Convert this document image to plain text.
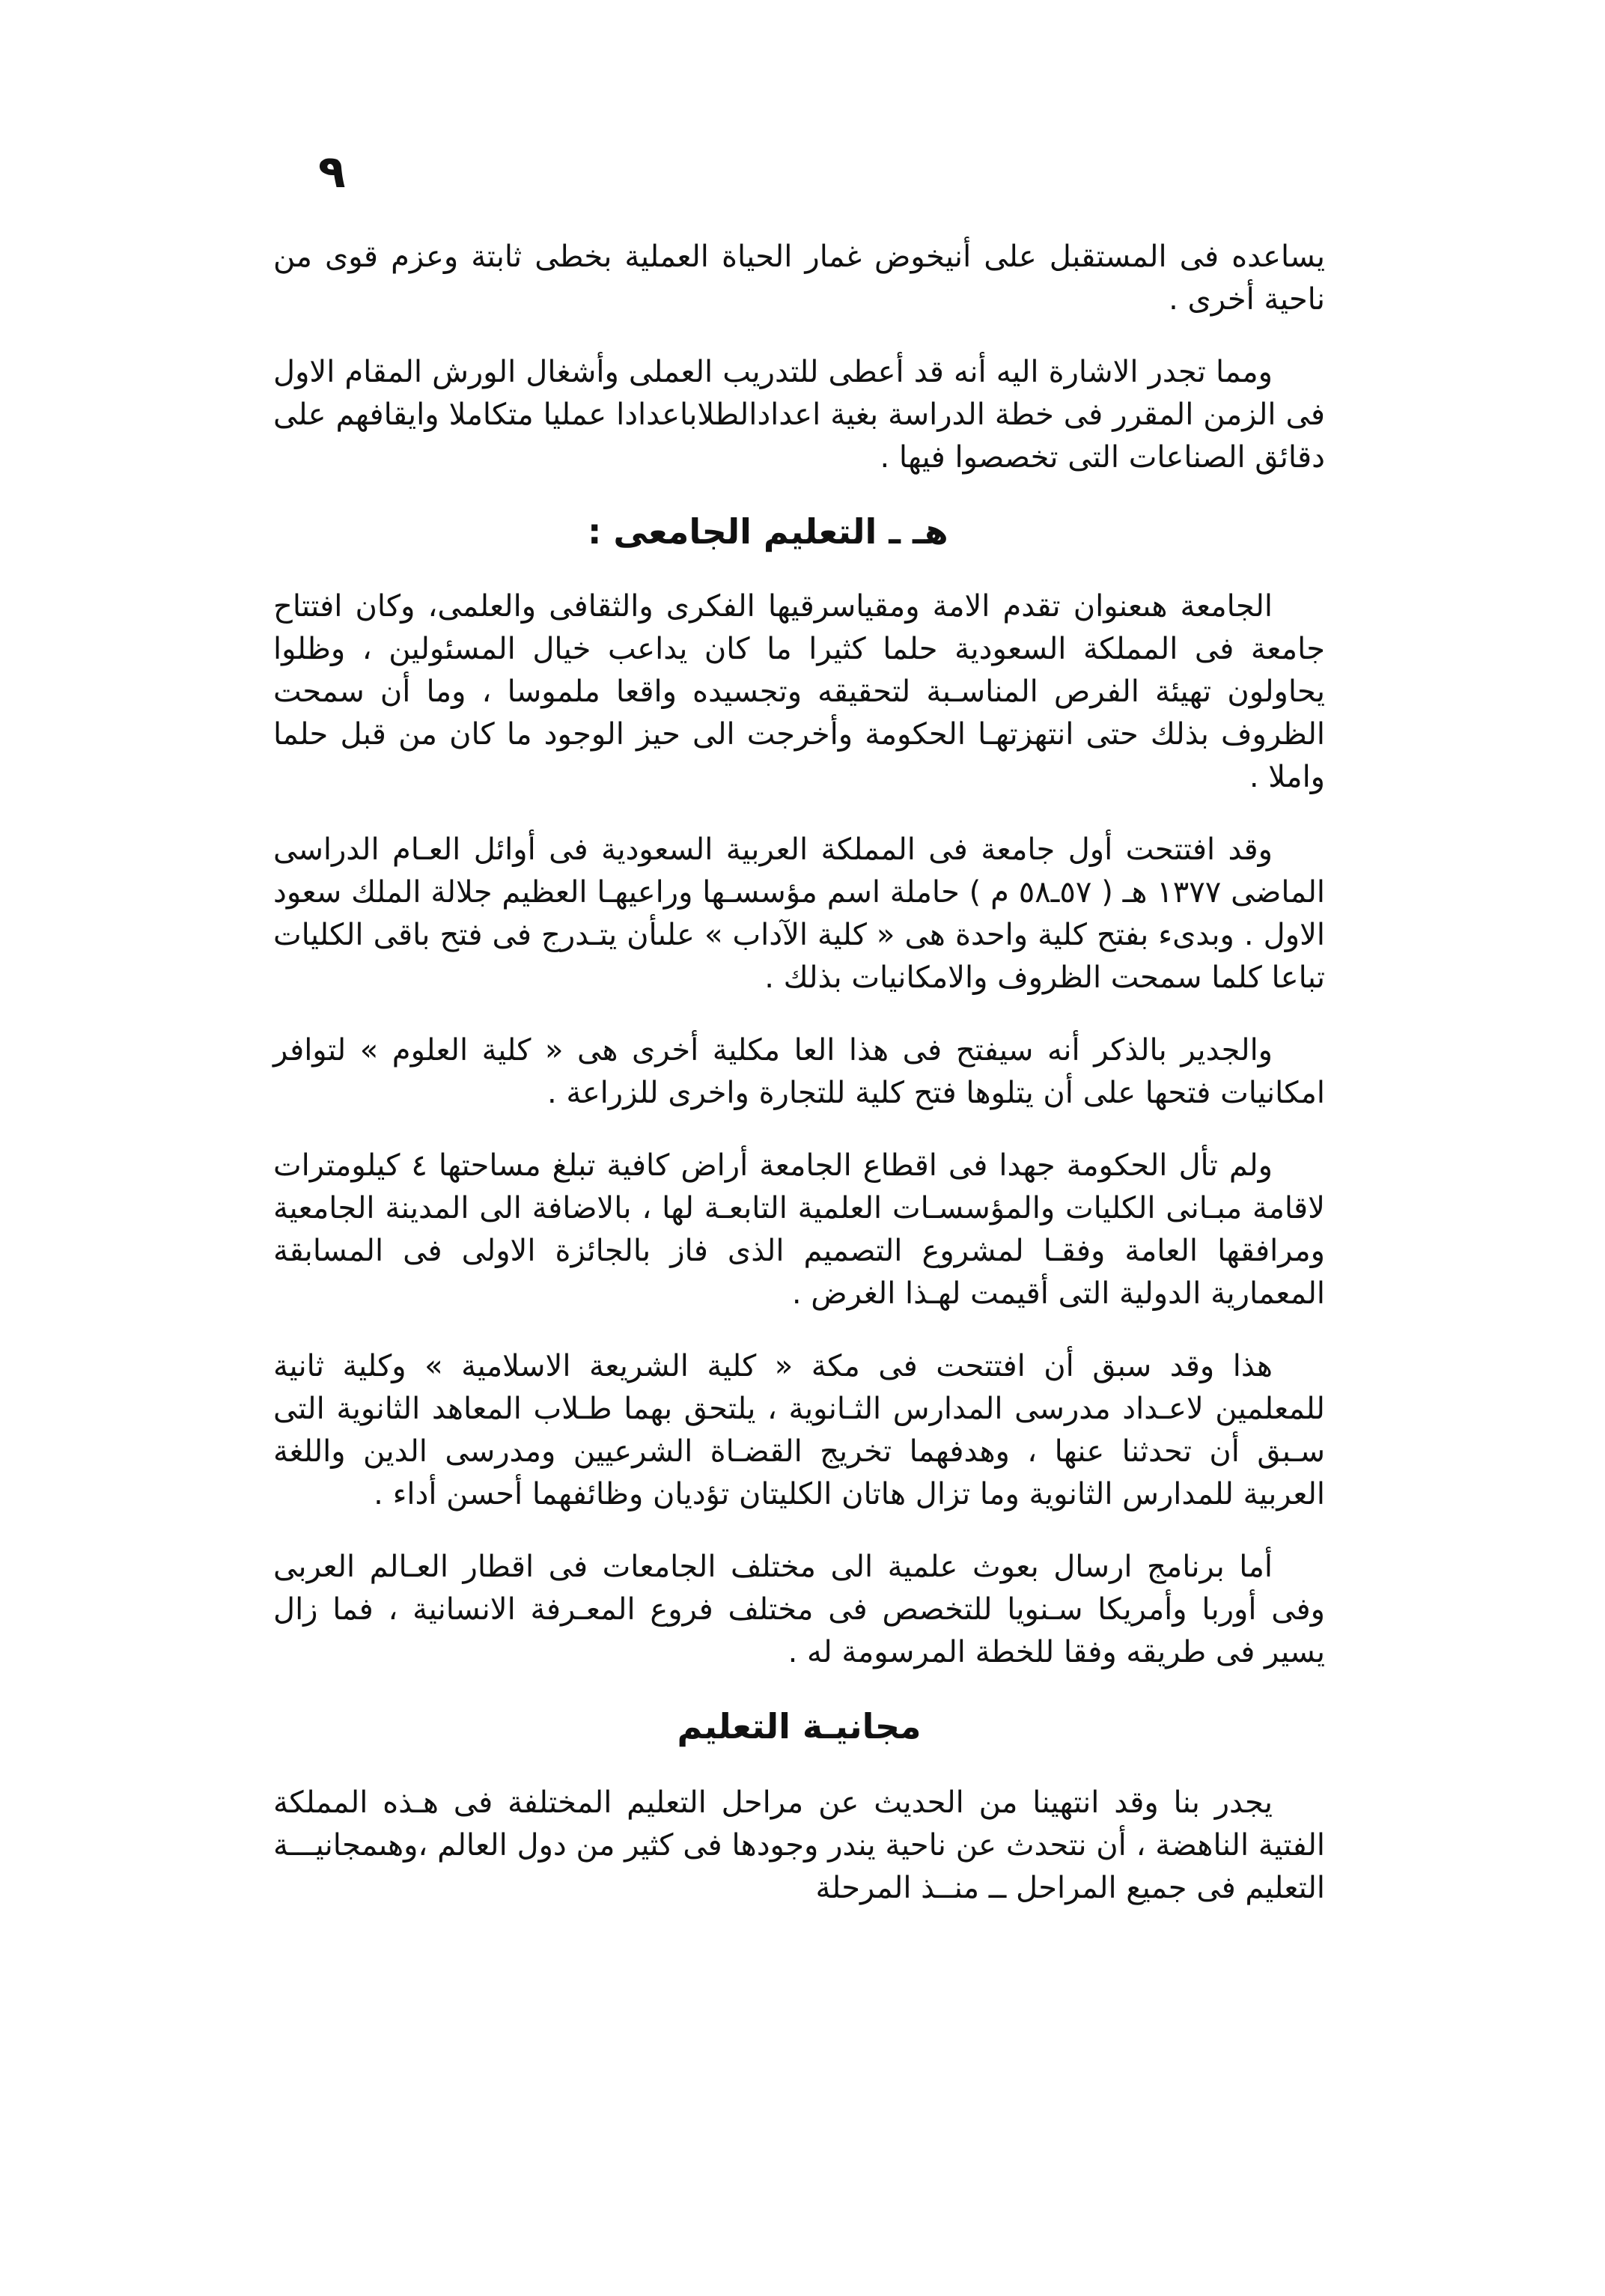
٩

يساعده فى المستقبل على أنيخوض غمار الحياة العملية بخطى ثابتة وعزم قوى من ناحية أخرى .

ومما تجدر الاشارة اليه أنه قد أعطى للتدريب العملى وأشغال الورش المقام الاول فى الزمن المقرر فى خطة الدراسة بغية اعدادالطلاباعدادا عمليا متكاملا وايقافهم على دقائق الصناعات التى تخصصوا فيها .

هـ ـ التعليم الجامعى :

الجامعة هىعنوان تقدم الامة ومقياسرقيها الفكرى والثقافى والعلمى، وكان افتتاح جامعة فى المملكة السعودية حلما كثيرا ما كان يداعب خيال المسئولين ، وظلوا يحاولون تهيئة الفرص المناسـبة لتحقيقه وتجسيده واقعا ملموسا ، وما أن سمحت الظروف بذلك حتى انتهزتهـا الحكومة وأخرجت الى حيز الوجود ما كان من قبل حلما واملا .

وقد افتتحت أول جامعة فى المملكة العربية السعودية فى أوائل العـام الدراسى الماضى ١٣٧٧ هـ ( ٥٧ـ٥٨ م ) حاملة اسم مؤسسـها وراعيهـا العظيم جلالة الملك سعود الاول . وبدىء بفتح كلية واحدة هى « كلية الآداب » علىأن يتـدرج فى فتح باقى الكليات تباعا كلما سمحت الظروف والامكانيات بذلك .

والجدير بالذكر أنه سيفتح فى هذا العا مكلية أخرى هى « كلية العلوم » لتوافر امكانيات فتحها على أن يتلوها فتح كلية للتجارة واخرى للزراعة .

ولم تأل الحكومة جهدا فى اقطاع الجامعة أراض كافية تبلغ مساحتها ٤ كيلومترات لاقامة مبـانى الكليات والمؤسسـات العلمية التابعـة لها ، بالاضافة الى المدينة الجامعية ومرافقها العامة وفقـا لمشروع التصميم الذى فاز بالجائزة الاولى فى المسابقة المعمارية الدولية التى أقيمت لهـذا الغرض .

هذا وقد سبق أن افتتحت فى مكة « كلية الشريعة الاسلامية » وكلية ثانية للمعلمين لاعـداد مدرسى المدارس الثـانوية ، يلتحق بهما طـلاب المعاهد الثانوية التى سـبق أن تحدثنا عنها ، وهدفهما تخريج القضـاة الشرعيين ومدرسى الدين واللغة العربية للمدارس الثانوية وما تزال هاتان الكليتان تؤديان وظائفهما أحسن أداء .

أما برنامج ارسال بعوث علمية الى مختلف الجامعات فى اقطار العـالم العربى وفى أوربا وأمريكا سـنويا للتخصص فى مختلف فروع المعـرفة الانسانية ، فما زال يسير فى طريقه وفقا للخطة المرسومة له .

مجانيـة التعليم

يجدر بنا وقد انتهينا من الحديث عن مراحل التعليم المختلفة فى هـذه المملكة الفتية الناهضة ، أن نتحدث عن ناحية يندر وجودها فى كثير من دول العالم ،وهىمجانيـــة التعليم فى جميع المراحل ــ منــذ المرحلة
